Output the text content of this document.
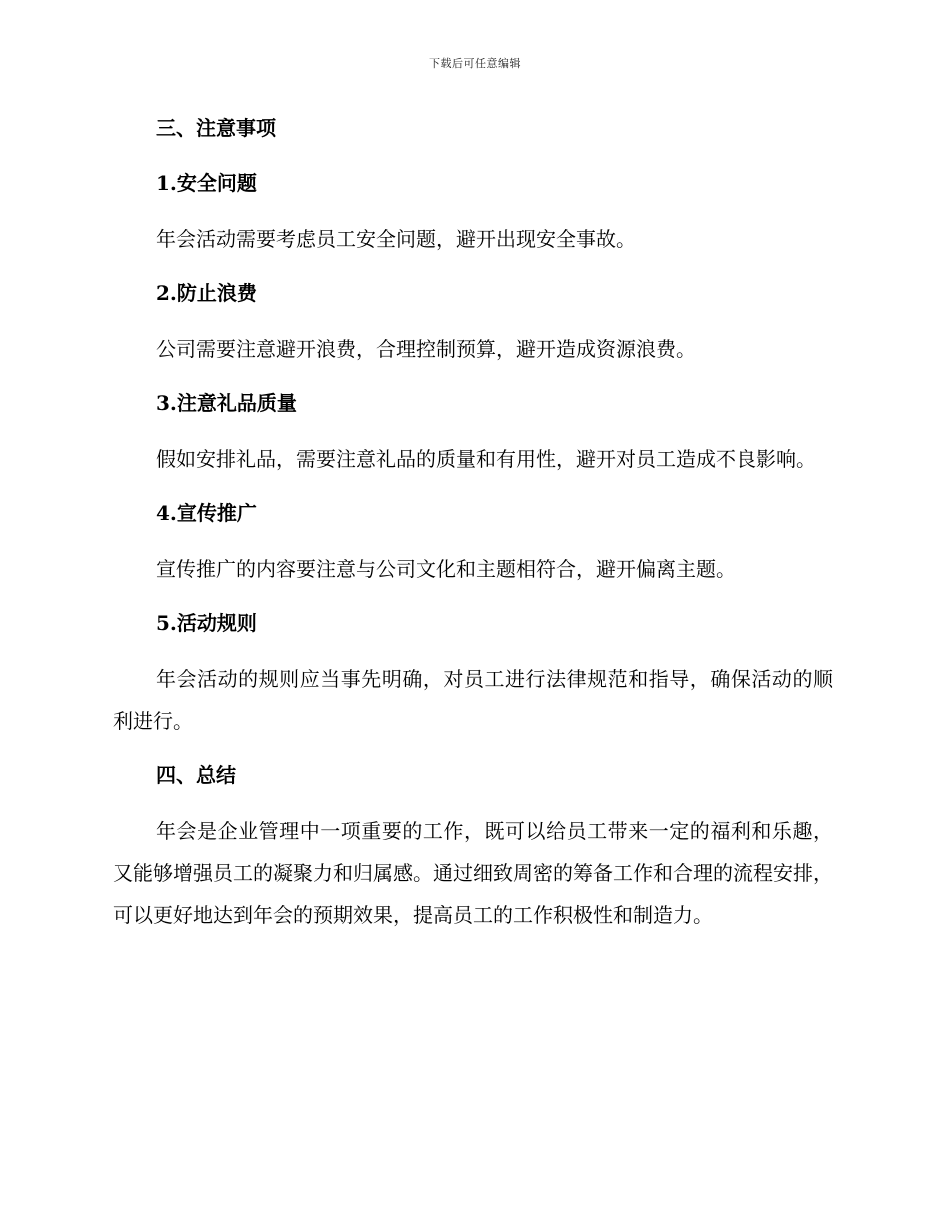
下载后可任意编辑
三、注意事项
1.安全问题
年会活动需要考虑员工安全问题，避开出现安全事故。
2.防止浪费
公司需要注意避开浪费，合理控制预算，避开造成资源浪费。
3.注意礼品质量
假如安排礼品，需要注意礼品的质量和有用性，避开对员工造成不良影响。
4.宣传推广
宣传推广的内容要注意与公司文化和主题相符合，避开偏离主题。
5.活动规则
年会活动的规则应当事先明确，对员工进行法律规范和指导，确保活动的顺利进行。
四、总结
年会是企业管理中一项重要的工作，既可以给员工带来一定的福利和乐趣，又能够增强员工的凝聚力和归属感。通过细致周密的筹备工作和合理的流程安排，可以更好地达到年会的预期效果，提高员工的工作积极性和制造力。
